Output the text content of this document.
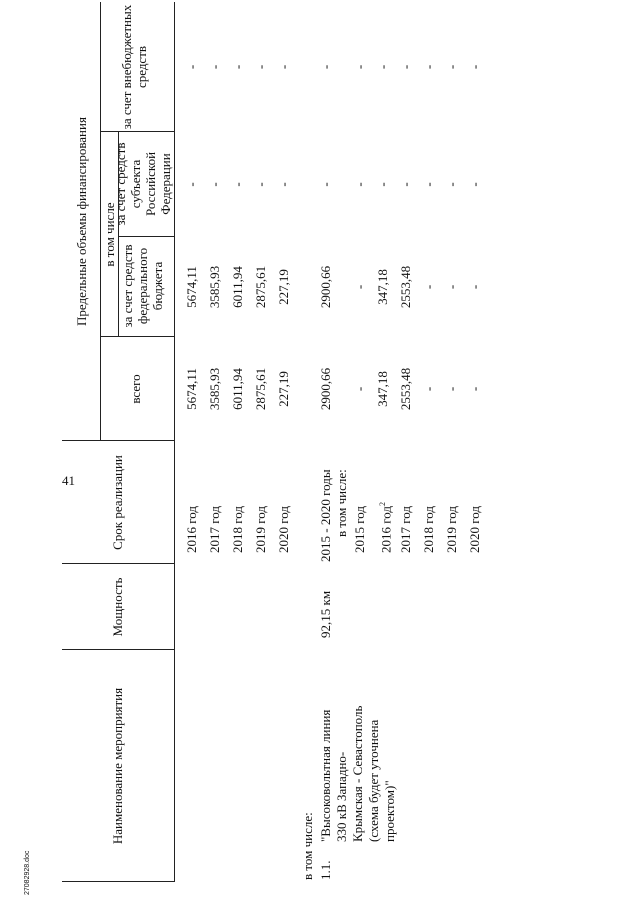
41
Наименование мероприятия
Мощность
Срок реализации
Предельные объемы финансирования
всего
в том числе
за счет средств федерального бюджета
за счет средств субъекта Российской Федерации
за счет внебюджетных средств
2016 год
5674,11
5674,11
-
-
2017 год
3585,93
3585,93
-
-
2018 год
6011,94
6011,94
-
-
2019 год
2875,61
2875,61
-
-
2020 год
227,19
227,19
-
-
в том числе: 1.1.
"Высоковольтная линия 330 кВ Западно- Крымская - Севастополь (схема будет уточнена проектом)"
92,15 км
2015 - 2020 годы
2900,66
2900,66
-
-
в том числе: 2015 год
-
-
-
-
2016 год$^2$
347,18
347,18
-
-
2017 год
2553,48
2553,48
-
-
2018 год
-
-
-
-
2019 год
-
-
-
-
2020 год
-
-
-
-
27082928.doc
